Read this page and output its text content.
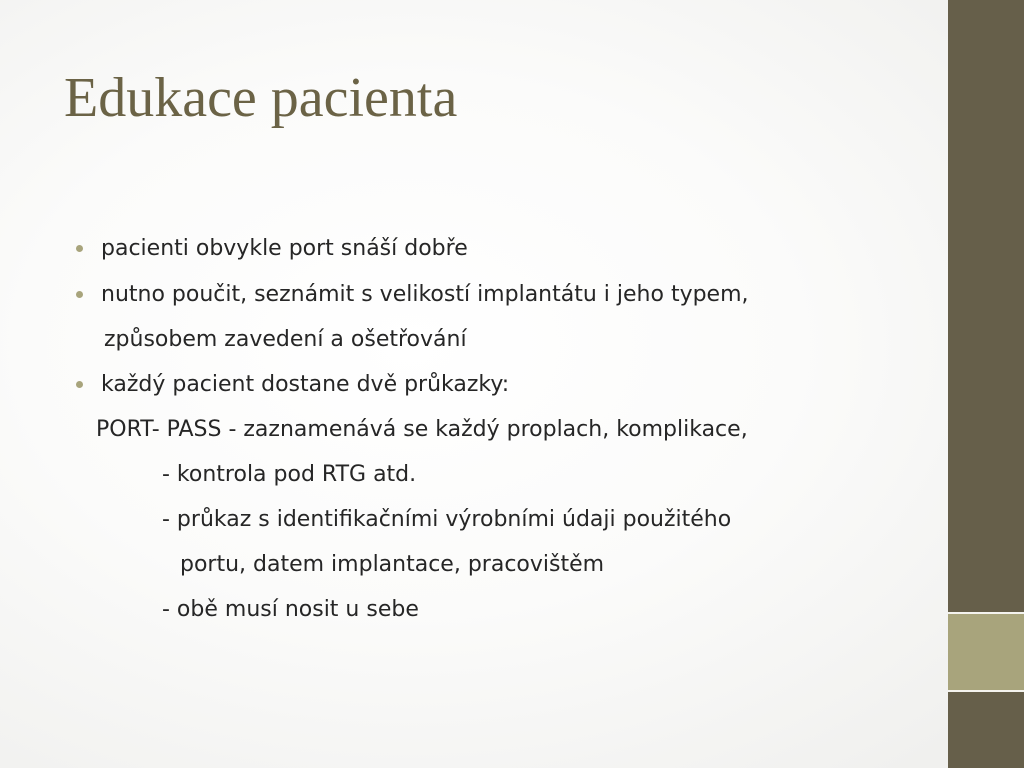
Edukace pacienta
pacienti obvykle port snáší dobře
nutno poučit, seznámit s velikostí implantátu i jeho typem,
způsobem zavedení a ošetřování
každý pacient dostane dvě průkazky:
PORT- PASS - zaznamenává se každý proplach, komplikace,
- kontrola pod RTG atd.
- průkaz s identifikačními výrobními údaji použitého
portu, datem implantace, pracovištěm
- obě musí nosit u sebe
